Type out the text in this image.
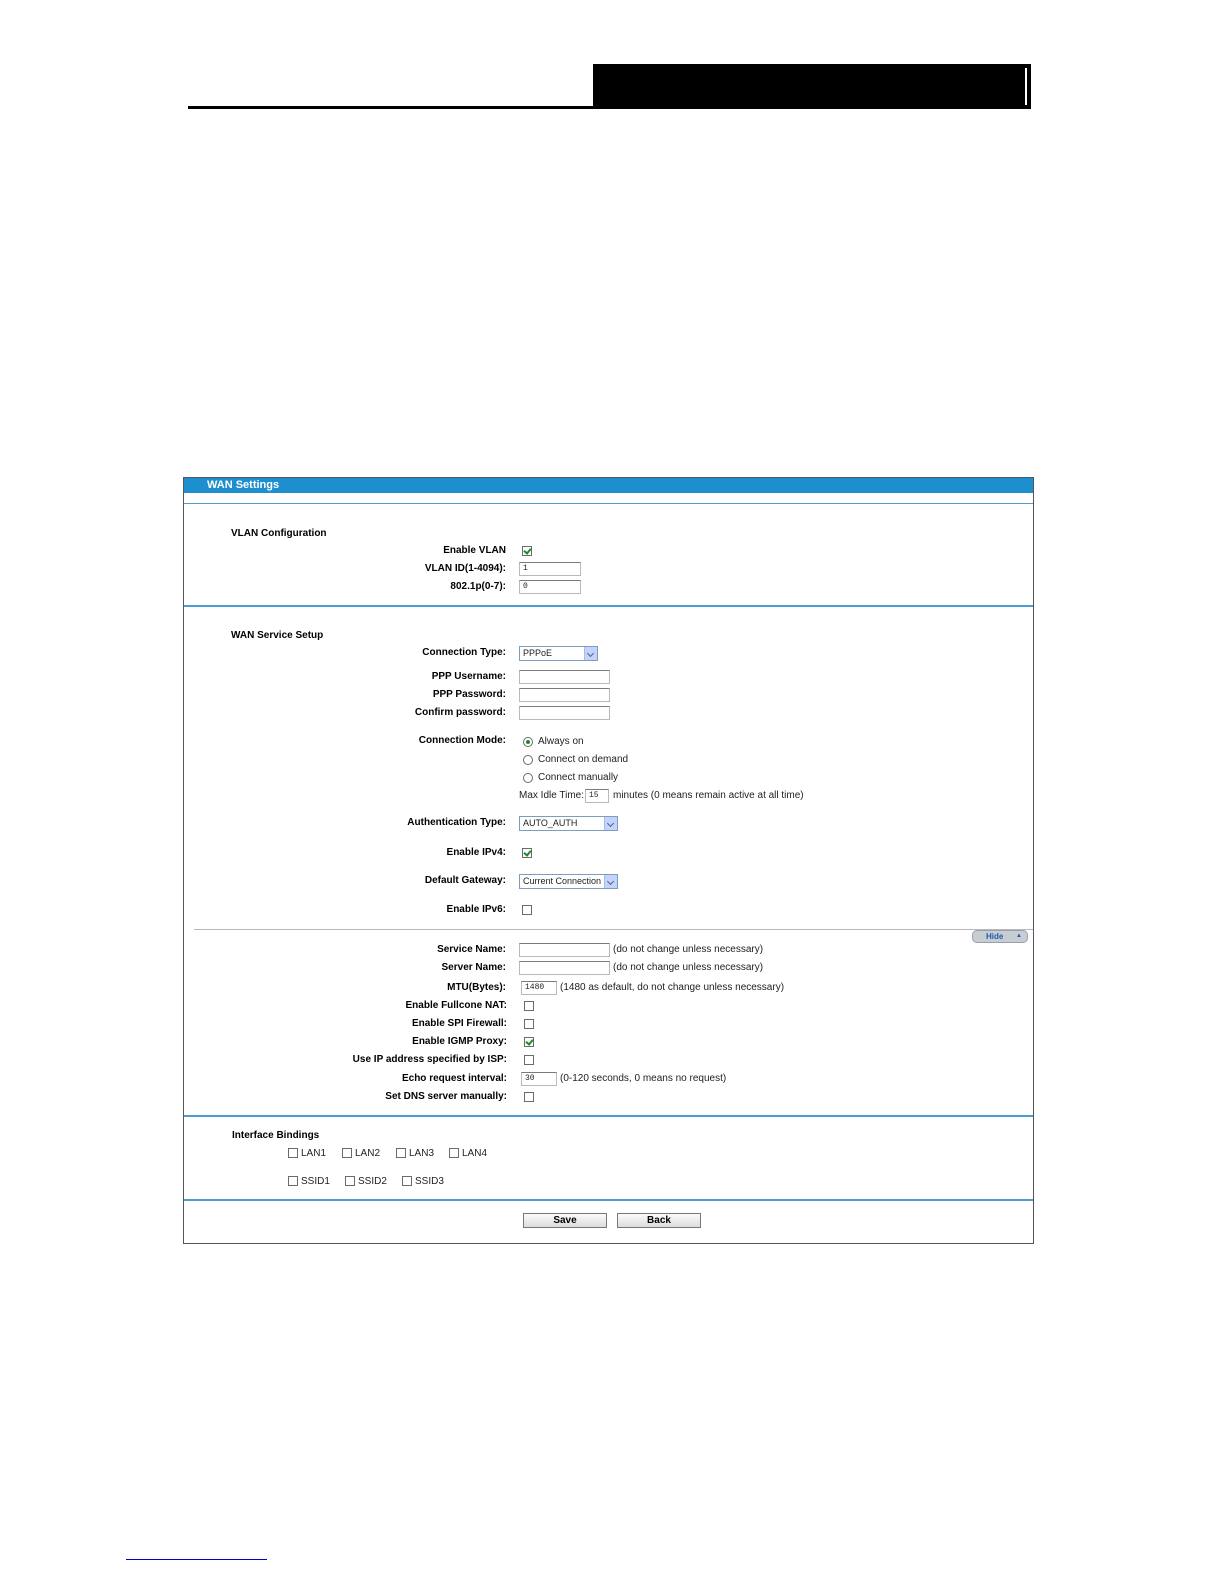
WAN Settings
VLAN Configuration
Enable VLAN
VLAN ID(1-4094):	1
802.1p(0-7):	0
WAN Service Setup
Connection Type:	PPPoE
PPP Username:
PPP Password:
Confirm password:
Connection Mode:	Always on
Connect on demand
Connect manually
Max Idle Time: 15	minutes (0 means remain active at all time)
Authentication Type:	AUTO_AUTH
Enable IPv4:
Default Gateway:	Current Connection
Enable IPv6:
Hide ▲
Service Name:	(do not change unless necessary)
Server Name:	(do not change unless necessary)
MTU(Bytes):	1480	(1480 as default, do not change unless necessary)
Enable Fullcone NAT:
Enable SPI Firewall:
Enable IGMP Proxy:
Use IP address specified by ISP:
Echo request interval:	30	(0-120 seconds, 0 means no request)
Set DNS server manually:
Interface Bindings
LAN1	LAN2	LAN3	LAN4
SSID1	SSID2	SSID3
Save	Back
